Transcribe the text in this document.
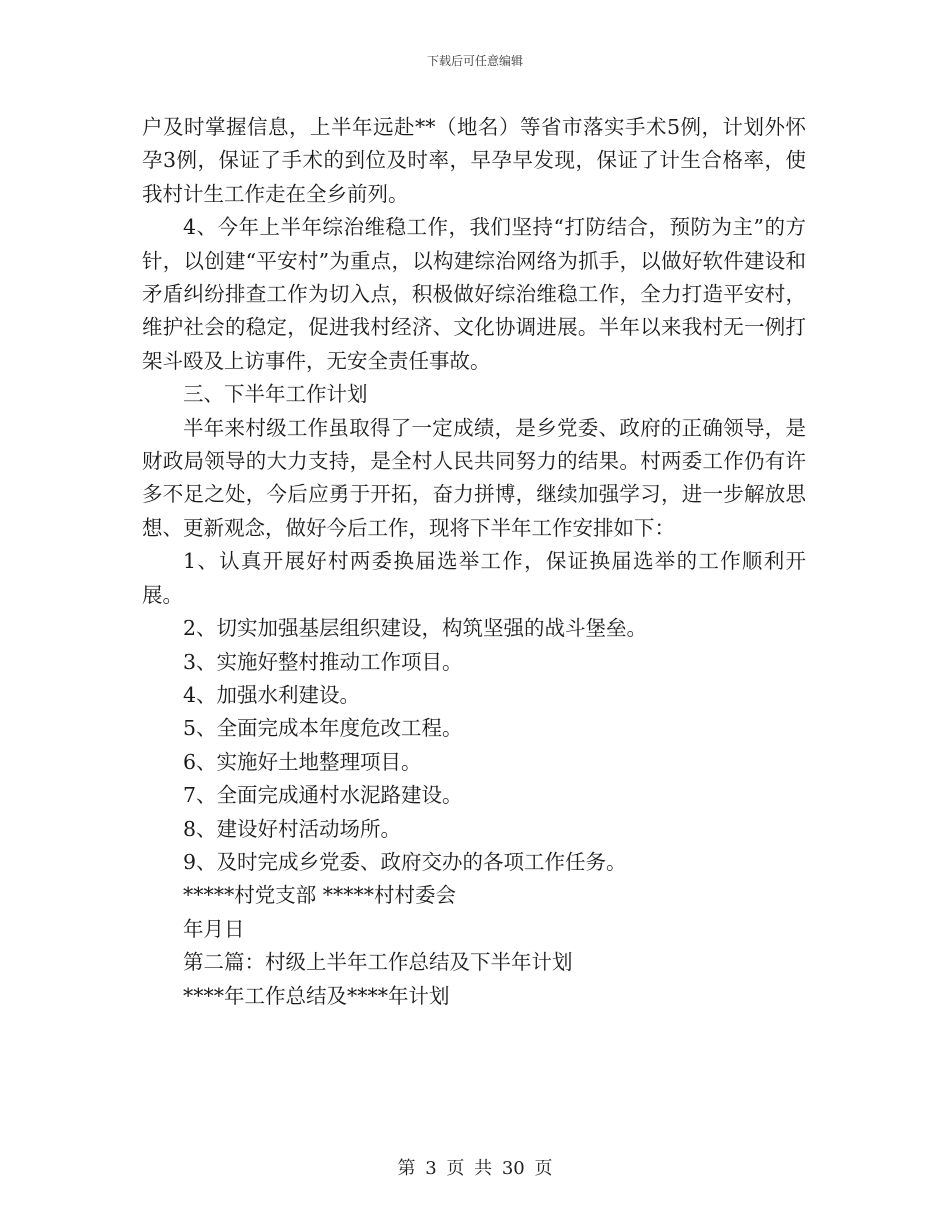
下载后可任意编辑

户及时掌握信息，上半年远赴**（地名）等省市落实手术5例，计划外怀孕3例，保证了手术的到位及时率，早孕早发现，保证了计生合格率，使我村计生工作走在全乡前列。

4、今年上半年综治维稳工作，我们坚持“打防结合，预防为主”的方针，以创建“平安村”为重点，以构建综治网络为抓手，以做好软件建设和矛盾纠纷排查工作为切入点，积极做好综治维稳工作，全力打造平安村，维护社会的稳定，促进我村经济、文化协调进展。半年以来我村无一例打架斗殴及上访事件，无安全责任事故。

三、下半年工作计划

半年来村级工作虽取得了一定成绩，是乡党委、政府的正确领导，是财政局领导的大力支持，是全村人民共同努力的结果。村两委工作仍有许多不足之处，今后应勇于开拓，奋力拼博，继续加强学习，进一步解放思想、更新观念，做好今后工作，现将下半年工作安排如下：

1、认真开展好村两委换届选举工作，保证换届选举的工作顺利开展。

2、切实加强基层组织建设，构筑坚强的战斗堡垒。

3、实施好整村推动工作项目。

4、加强水利建设。

5、全面完成本年度危改工程。

6、实施好土地整理项目。

7、全面完成通村水泥路建设。

8、建设好村活动场所。

9、及时完成乡党委、政府交办的各项工作任务。

*****村党支部 *****村村委会

年月日

第二篇：村级上半年工作总结及下半年计划

****年工作总结及****年计划

第 3 页 共 30 页
